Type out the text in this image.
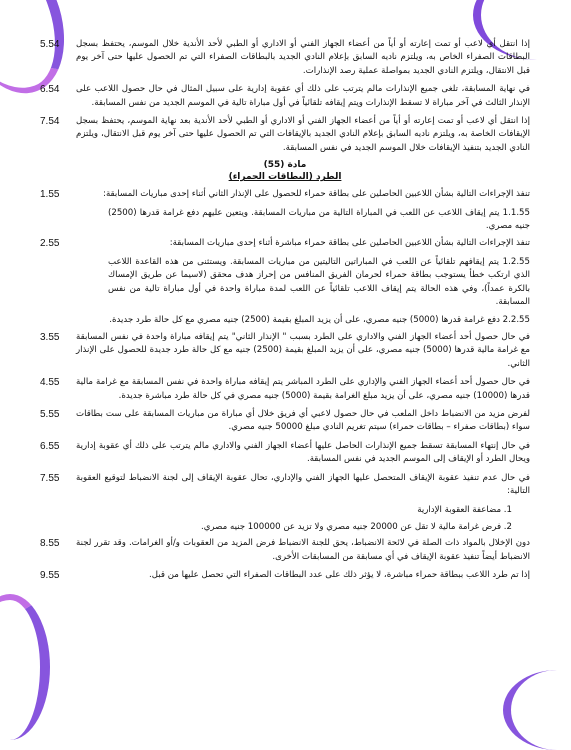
5.54	إذا انتقل أي لاعب أو تمت إعارته أو أياً من أعضاء الجهاز الفني أو الاداري أو الطبي لأحد الأندية خلال الموسم، يحتفظ بسجل البطاقات الصفراء الخاص به، ويلتزم ناديه السابق بإعلام النادي الجديد بالبطاقات الصفراء التي تم الحصول عليها حتى آخر يوم قبل الانتقال، ويلتزم النادي الجديد بمواصلة عملية رصد الإنذارات.
6.54	في نهاية المسابقة، تلغى جميع الإنذارات مالم يترتب على ذلك أي عقوبة إدارية على سبيل المثال في حال حصول اللاعب على الإنذار الثالث في آخر مباراة لا تسقط الإنذارات ويتم إيقافه تلقائياً في أول مباراة تالية في الموسم الجديد من نفس المسابقة.
7.54	إذا انتقل أي لاعب أو تمت إعارته أو أياً من أعضاء الجهاز الفني أو الاداري أو الطبي لأحد الأندية بعد نهاية الموسم، يحتفظ بسجل الإيقافات الخاصة به، ويلتزم ناديه السابق بإعلام النادي الجديد بالإيقافات التي تم الحصول عليها حتى آخر يوم قبل الانتقال، ويلتزم النادي الجديد بتنفيذ الإيقافات خلال الموسم الجديد في نفس المسابقة.
مادة (55)
الطرد (البطاقات الحمراء)
1.55	تنفذ الإجراءات التالية بشأن اللاعبين الحاصلين على بطاقة حمراء للحصول على الإنذار الثاني أثناء إحدى مباريات المسابقة:
1.1.55 يتم إيقاف اللاعب عن اللعب في المباراة التالية من مباريات المسابقة. ويتعين عليهم دفع غرامة قدرها (2500) جنيه مصري.
2.55	تنفذ الإجراءات التالية بشأن اللاعبين الحاصلين على بطاقة حمراء مباشرة أثناء إحدى مباريات المسابقة:
1.2.55 يتم إيقافهم تلقائياً عن اللعب في المباراتين التاليتين من مباريات المسابقة. ويستثنى من هذه القاعدة اللاعب الذي ارتكب خطأ يستوجب بطاقة حمراء لحرمان الفريق المنافس من إحراز هدف محقق (لاسيما عن طريق الإمساك بالكرة عمداً)، وفي هذه الحالة يتم إيقاف اللاعب تلقائياً عن اللعب لمدة مباراة واحدة في أول مباراة تالية من نفس المسابقة.
2.2.55 دفع غرامة قدرها (5000) جنيه مصري، على أن يزيد المبلغ بقيمة (2500) جنيه مصري مع كل حالة طرد جديدة.
3.55	في حال حصول أحد أعضاء الجهاز الفني والاداري على الطرد بسبب " الإنذار الثاني" يتم إيقافه مباراة واحدة في نفس المسابقة مع غرامة مالية قدرها (5000) جنيه مصري، على أن يزيد المبلغ بقيمة (2500) جنيه مع كل حالة طرد جديدة للحصول على الإنذار الثاني.
4.55	في حال حصول أحد أعضاء الجهاز الفني والإداري على الطرد المباشر يتم إيقافه مباراة واحدة في نفس المسابقة مع غرامة مالية قدرها (10000) جنيه مصري، على أن يزيد مبلغ الغرامة بقيمة (5000) جنيه مصري في كل حالة طرد مباشرة جديدة.
5.55	لفرض مزيد من الانضباط داخل الملعب في حال حصول لاعبي أي فريق خلال أي مباراة من مباريات المسابقة على ست بطاقات سواء (بطاقات صفراء – بطاقات حمراء) سيتم تغريم النادي مبلغ 50000 جنيه مصري.
6.55	في حال إنتهاء المسابقة تسقط جميع الإنذارات الحاصل عليها أعضاء الجهاز الفني والاداري مالم يترتب على ذلك أي عقوبة إدارية ويحال الطرد أو الإيقاف إلى الموسم الجديد في نفس المسابقة.
7.55	في حال عدم تنفيذ عقوبة الإيقاف المتحصل عليها الجهاز الفني والإداري، تحال عقوبة الإيقاف إلى لجنة الانضباط لتوقيع العقوبة التالية:
1. مضاعفة العقوبة الإدارية
2. فرض غرامة مالية لا تقل عن 20000 جنيه مصري ولا تزيد عن 100000 جنيه مصري.
8.55	دون الإخلال بالمواد ذات الصلة في لائحة الانضباط، يحق للجنة الانضباط فرض المزيد من العقوبات و/أو الغرامات. وقد تقرر لجنة الانضباط أيضاً تنفيذ عقوبة الإيقاف في أي مسابقة من المسابقات الأخرى.
9.55	إذا تم طرد اللاعب ببطاقة حمراء مباشرة، لا يؤثر ذلك على عدد البطاقات الصفراء التي تحصل عليها من قبل.
